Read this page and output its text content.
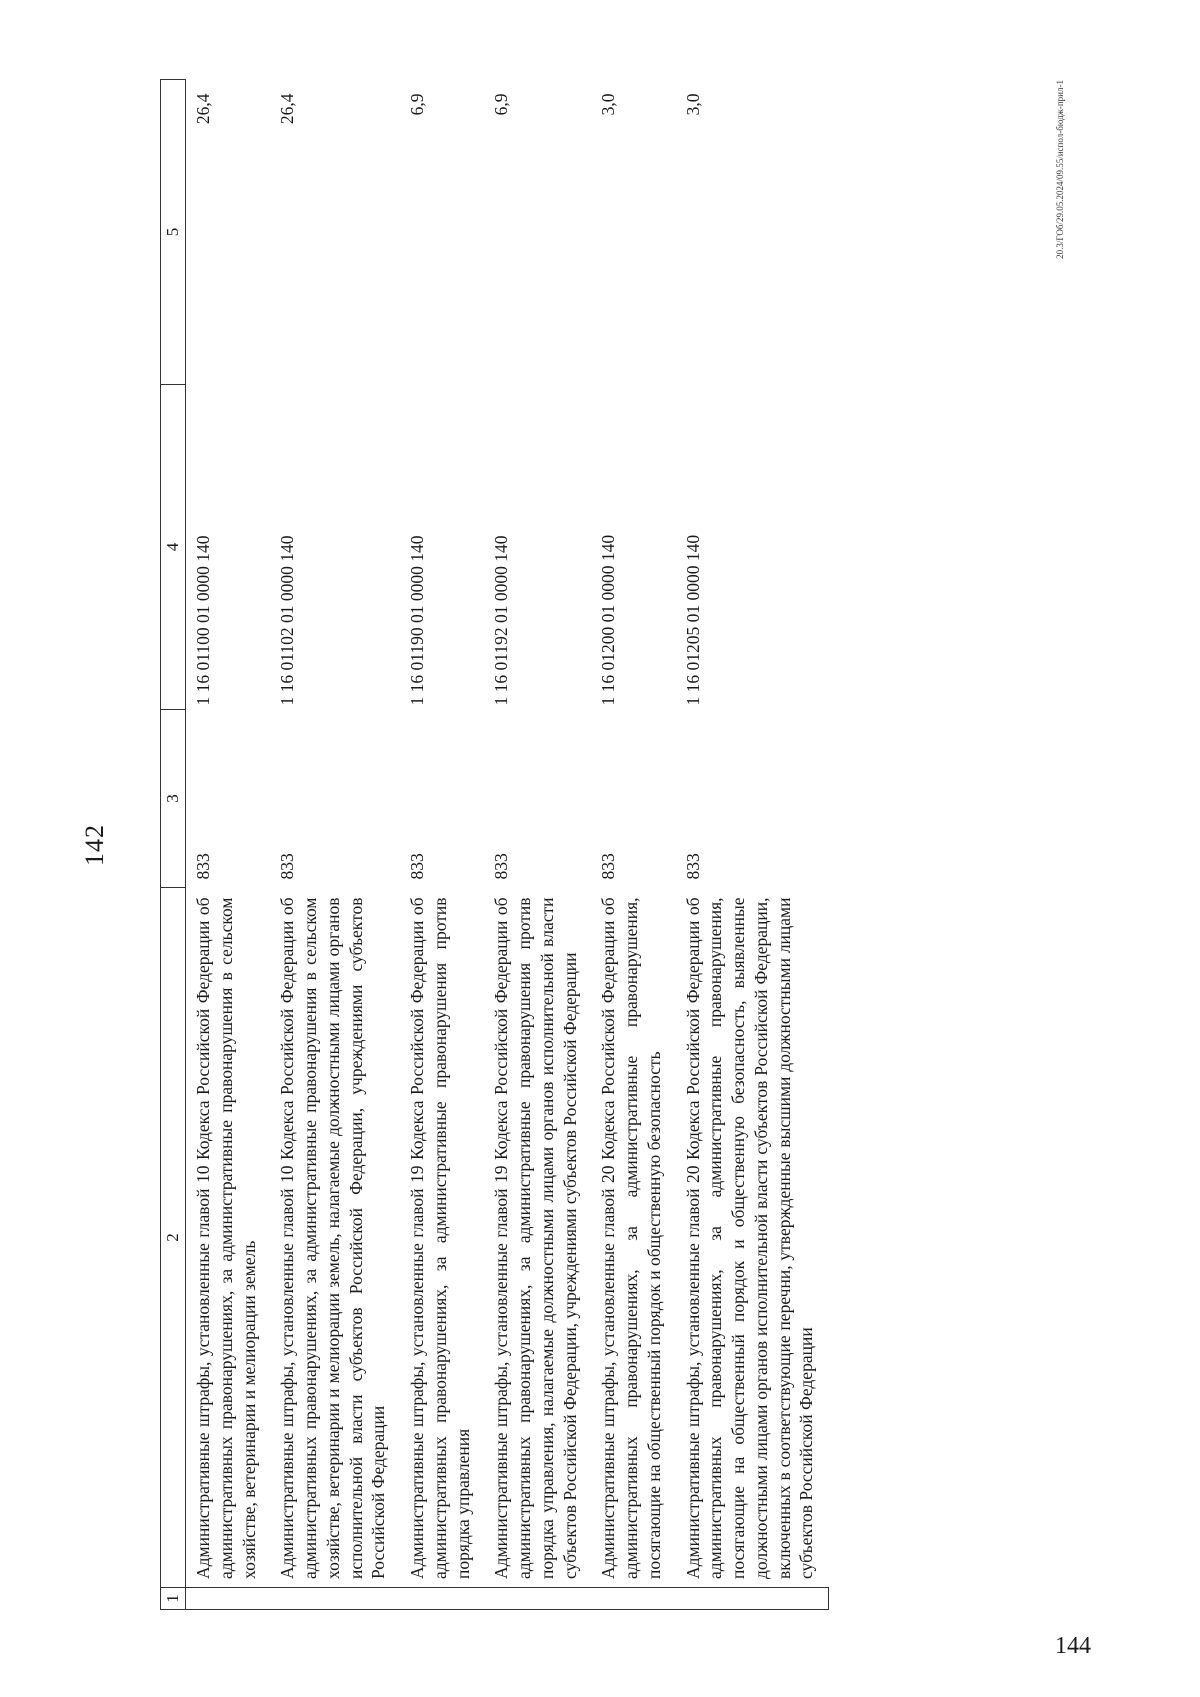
142
1	2	3	4	5
	Административные штрафы, установленные главой 10 Кодекса Российской Федерации об административных правонарушениях, за административные правонарушения в сельском хозяйстве, ветеринарии и мелиорации земель	833	1 16 01100 01 0000 140	26,4
	Административные штрафы, установленные главой 10 Кодекса Российской Федерации об административных правонарушениях, за административные правонарушения в сельском хозяйстве, ветеринарии и мелиорации земель, налагаемые должностными лицами органов исполнительной власти субъектов Российской Федерации, учреждениями субъектов Российской Федерации	833	1 16 01102 01 0000 140	26,4
	Административные штрафы, установленные главой 19 Кодекса Российской Федерации об административных правонарушениях, за административные правонарушения против порядка управления	833	1 16 01190 01 0000 140	6,9
	Административные штрафы, установленные главой 19 Кодекса Российской Федерации об административных правонарушениях, за административные правонарушения против порядка управления, налагаемые должностными лицами органов исполнительной власти субъектов Российской Федерации, учреждениями субъектов Российской Федерации	833	1 16 01192 01 0000 140	6,9
	Административные штрафы, установленные главой 20 Кодекса Российской Федерации об административных правонарушениях, за административные правонарушения, посягающие на общественный порядок и общественную безопасность	833	1 16 01200 01 0000 140	3,0
	Административные штрафы, установленные главой 20 Кодекса Российской Федерации об административных правонарушениях, за административные правонарушения, посягающие на общественный порядок и общественную безопасность, выявленные должностными лицами органов исполнительной власти субъектов Российской Федерации, включенных в соответствующие перечни, утвержденные высшими должностными лицами субъектов Российской Федерации	833	1 16 01205 01 0000 140	3,0	20.3/ГОб/29.05.2024/09.55/испол-бюдж-прил-1
144
